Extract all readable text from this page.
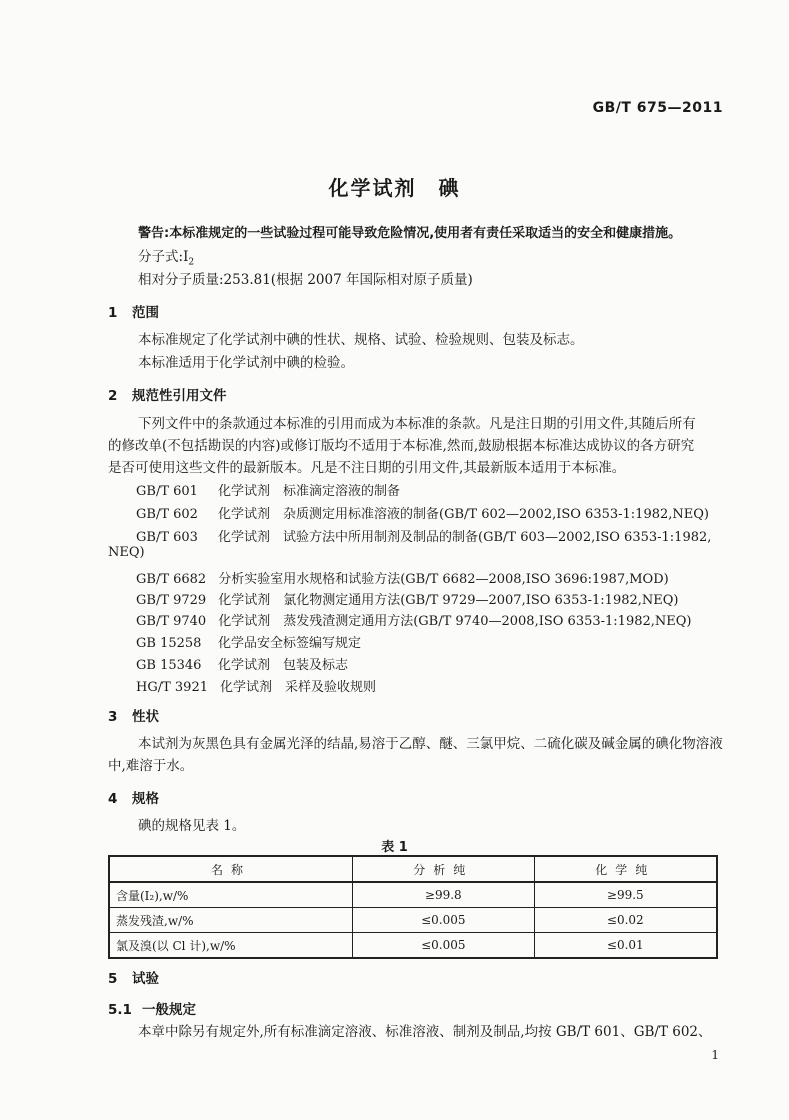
GB/T 675—2011
化学试剂　碘
警告:本标准规定的一些试验过程可能导致危险情况,使用者有责任采取适当的安全和健康措施。
分子式$:I_2$
相对分子质量:253.81(根据 2007 年国际相对原子质量)
1 范围
本标准规定了化学试剂中碘的性状、规格、试验、检验规则、包装及标志。
本标准适用于化学试剂中碘的检验。
2 规范性引用文件
下列文件中的条款通过本标准的引用而成为本标准的条款。凡是注日期的引用文件,其随后所有
的修改单(不包括勘误的内容)或修订版均不适用于本标准,然而,鼓励根据本标准达成协议的各方研究
是否可使用这些文件的最新版本。凡是不注日期的引用文件,其最新版本适用于本标准。
GB/T 601 化学试剂　标准滴定溶液的制备
GB/T 602 化学试剂　杂质测定用标准溶液的制备(GB/T 602—2002,ISO 6353-1:1982,NEQ)
GB/T 603 化学试剂　试验方法中所用制剂及制品的制备(GB/T 603—2002,ISO 6353-1:1982,
NEQ)
GB/T 6682 分析实验室用水规格和试验方法(GB/T 6682—2008,ISO 3696:1987,MOD)
GB/T 9729 化学试剂　氯化物测定通用方法(GB/T 9729—2007,ISO 6353-1:1982,NEQ)
GB/T 9740 化学试剂　蒸发残渣测定通用方法(GB/T 9740—2008,ISO 6353-1:1982,NEQ)
GB 15258 化学品安全标签编写规定
GB 15346 化学试剂　包装及标志
HG/T 3921 化学试剂　采样及验收规则
3 性状
本试剂为灰黑色具有金属光泽的结晶,易溶于乙醇、醚、三氯甲烷、二硫化碳及碱金属的碘化物溶液
中,难溶于水。
4 规格
碘的规格见表 1。
表 1
名称	分析纯	化学纯
含量(I₂),w/%	≥99.8	≥99.5
蒸发残渣,w/%	≤0.005	≤0.02
氯及溴(以 Cl 计),w/%	≤0.005	≤0.01
5 试验
5.1 一般规定
本章中除另有规定外,所有标准滴定溶液、标准溶液、制剂及制品,均按 GB/T 601、GB/T 602、
1
